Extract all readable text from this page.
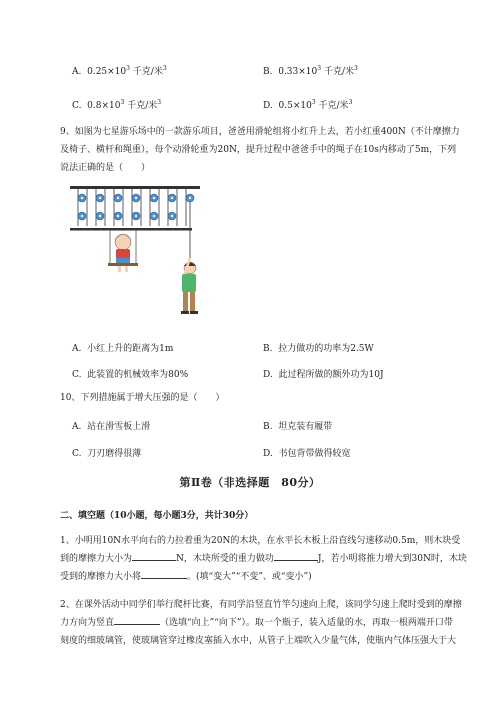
A. $0.25\times 10^3$ 千克/米$^3$	B. $0.33\times 10^3$ 千克/米$^3$
C. $0.8\times 10^3$ 千克/米$^3$	D. $0.5\times 10^3$ 千克/米$^3$
9、如图为七星游乐场中的一款游乐项目，爸爸用滑轮组将小红升上去，若小红重400N（不计摩擦力
及椅子、横杆和绳重），每个动滑轮重为20N，提升过程中爸爸手中的绳子在10s内移动了5m，下列
说法正确的是（　　）
A. 小红上升的距离为1m	B. 拉力做功的功率为2.5W
C. 此装置的机械效率为80%	D. 此过程所做的额外功为10J
10、下列措施属于增大压强的是（　　）
A. 站在滑雪板上滑	B. 坦克装有履带
C. 刀刃磨得很薄	D. 书包背带做得较宽
第Ⅱ卷（非选择题　80分）
二、填空题（10小题，每小题3分，共计30分）
1、小明用10N水平向右的力拉着重为20N的木块，在水平长木板上沿直线匀速移动0.5m，则木块受
到的摩擦力大小为	N，木块所受的重力做功	J，若小明将推力增大到30N时，木块
受到的摩擦力大小将	。(填“变大”“不变”、或“变小”)
2、在课外活动中同学们举行爬杆比赛，有同学沿竖直竹竿匀速向上爬，该同学匀速上爬时受到的摩擦
力方向为竖直	（选填“向上”“向下”）。取一个瓶子，装入适量的水，再取一根两端开口带
刻度的细玻璃管，使玻璃管穿过橡皮塞插入水中，从管子上端吹入少量气体，使瓶内气体压强大于大
